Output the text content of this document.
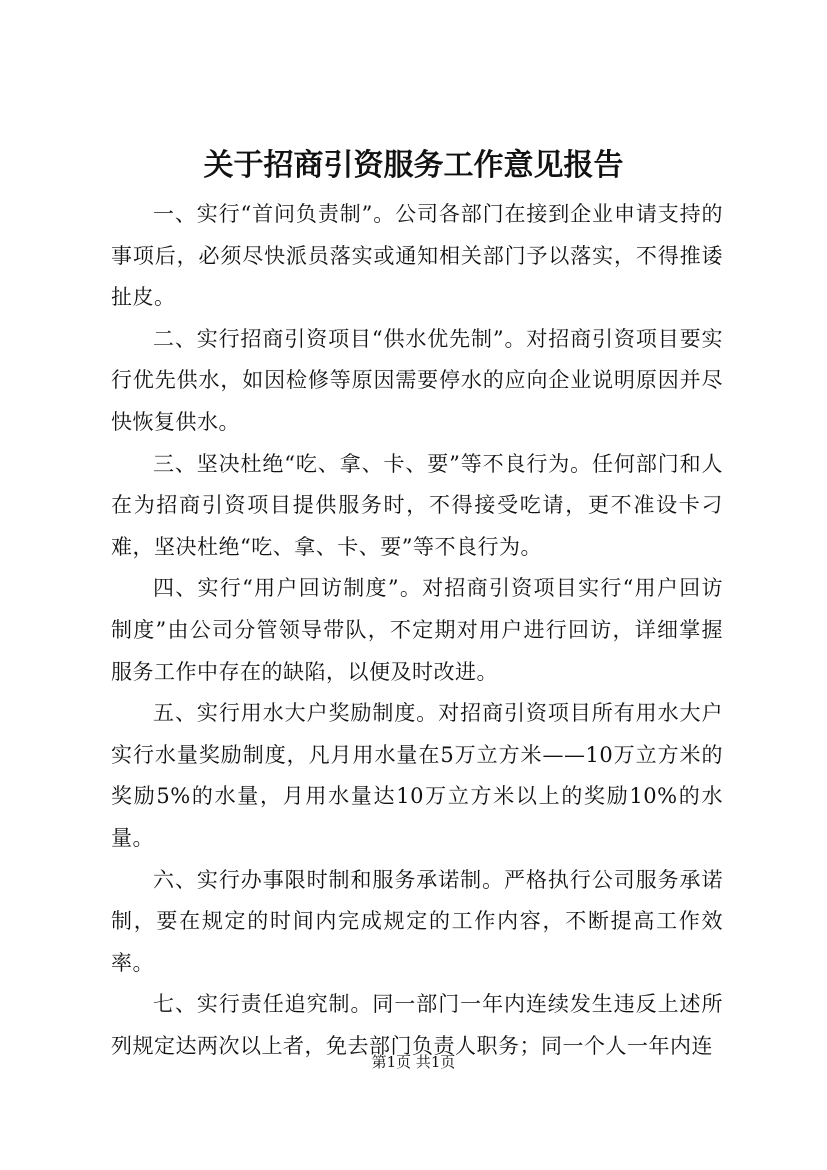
关于招商引资服务工作意见报告

一、实行“首问负责制”。公司各部门在接到企业申请支持的事项后，必须尽快派员落实或通知相关部门予以落实，不得推诿扯皮。

二、实行招商引资项目“供水优先制”。对招商引资项目要实行优先供水，如因检修等原因需要停水的应向企业说明原因并尽快恢复供水。

三、坚决杜绝“吃、拿、卡、要”等不良行为。任何部门和人在为招商引资项目提供服务时，不得接受吃请，更不准设卡刁难，坚决杜绝“吃、拿、卡、要”等不良行为。

四、实行“用户回访制度”。对招商引资项目实行“用户回访制度”由公司分管领导带队，不定期对用户进行回访，详细掌握服务工作中存在的缺陷，以便及时改进。

五、实行用水大户奖励制度。对招商引资项目所有用水大户实行水量奖励制度，凡月用水量在5万立方米——10万立方米的奖励5%的水量，月用水量达10万立方米以上的奖励10%的水量。

六、实行办事限时制和服务承诺制。严格执行公司服务承诺制，要在规定的时间内完成规定的工作内容，不断提高工作效率。

七、实行责任追究制。同一部门一年内连续发生违反上述所列规定达两次以上者，免去部门负责人职务；同一个人一年内连

第1页 共1页
